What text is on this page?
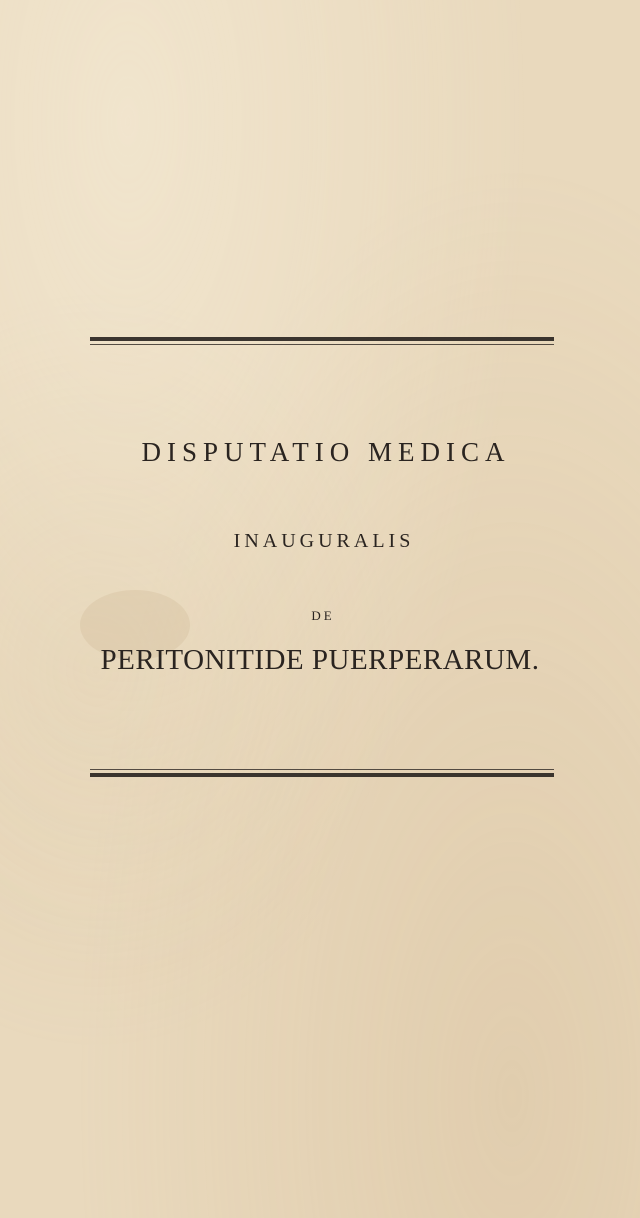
DISPUTATIO MEDICA
INAUGURALIS
DE
PERITONITIDE PUERPERARUM.
